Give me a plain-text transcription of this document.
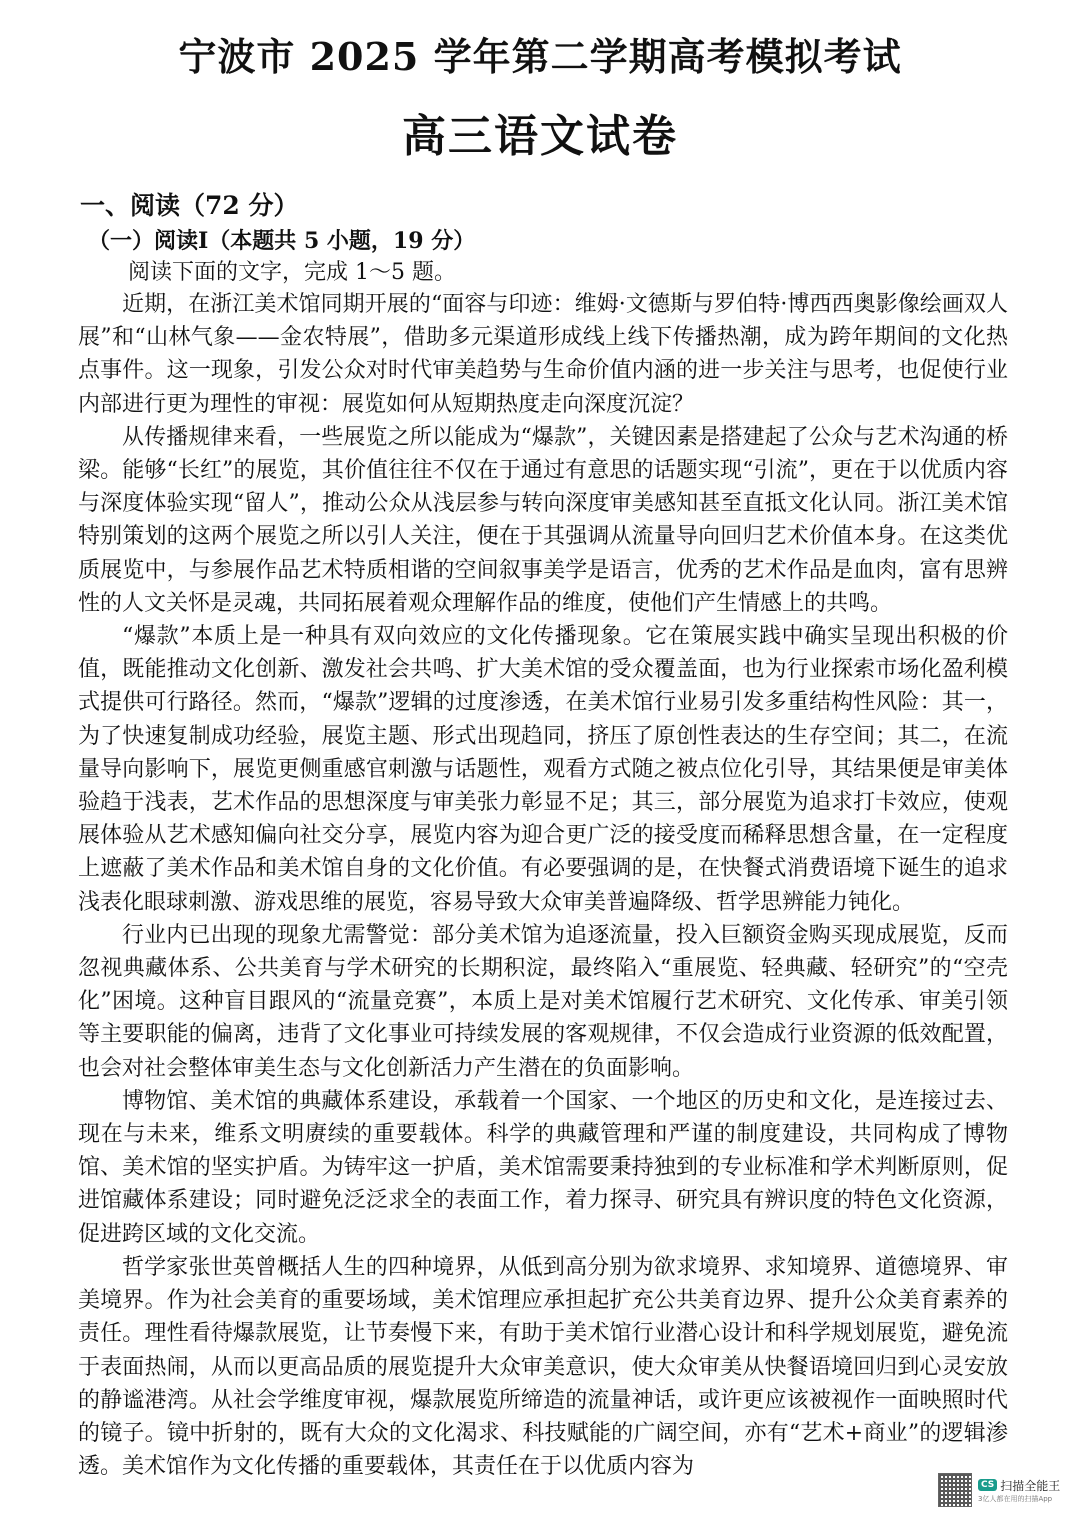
宁波市 2025 学年第二学期高考模拟考试
高三语文试卷
一、阅读（72 分）
（一）阅读Ⅰ（本题共 5 小题，19 分）
阅读下面的文字，完成 1～5 题。

近期，在浙江美术馆同期开展的“面容与印迹：维姆·文德斯与罗伯特·博西西奥影像绘画双人展”和“山林气象——金农特展”，借助多元渠道形成线上线下传播热潮，成为跨年期间的文化热点事件。这一现象，引发公众对时代审美趋势与生命价值内涵的进一步关注与思考，也促使行业内部进行更为理性的审视：展览如何从短期热度走向深度沉淀？

从传播规律来看，一些展览之所以能成为“爆款”，关键因素是搭建起了公众与艺术沟通的桥梁。能够“长红”的展览，其价值往往不仅在于通过有意思的话题实现“引流”，更在于以优质内容与深度体验实现“留人”，推动公众从浅层参与转向深度审美感知甚至直抵文化认同。浙江美术馆特别策划的这两个展览之所以引人关注，便在于其强调从流量导向回归艺术价值本身。在这类优质展览中，与参展作品艺术特质相谐的空间叙事美学是语言，优秀的艺术作品是血肉，富有思辨性的人文关怀是灵魂，共同拓展着观众理解作品的维度，使他们产生情感上的共鸣。

“爆款”本质上是一种具有双向效应的文化传播现象。它在策展实践中确实呈现出积极的价值，既能推动文化创新、激发社会共鸣、扩大美术馆的受众覆盖面，也为行业探索市场化盈利模式提供可行路径。然而，“爆款”逻辑的过度渗透，在美术馆行业易引发多重结构性风险：其一，为了快速复制成功经验，展览主题、形式出现趋同，挤压了原创性表达的生存空间；其二，在流量导向影响下，展览更侧重感官刺激与话题性，观看方式随之被点位化引导，其结果便是审美体验趋于浅表，艺术作品的思想深度与审美张力彰显不足；其三，部分展览为追求打卡效应，使观展体验从艺术感知偏向社交分享，展览内容为迎合更广泛的接受度而稀释思想含量，在一定程度上遮蔽了美术作品和美术馆自身的文化价值。有必要强调的是，在快餐式消费语境下诞生的追求浅表化眼球刺激、游戏思维的展览，容易导致大众审美普遍降级、哲学思辨能力钝化。

行业内已出现的现象尤需警觉：部分美术馆为追逐流量，投入巨额资金购买现成展览，反而忽视典藏体系、公共美育与学术研究的长期积淀，最终陷入“重展览、轻典藏、轻研究”的“空壳化”困境。这种盲目跟风的“流量竞赛”，本质上是对美术馆履行艺术研究、文化传承、审美引领等主要职能的偏离，违背了文化事业可持续发展的客观规律，不仅会造成行业资源的低效配置，也会对社会整体审美生态与文化创新活力产生潜在的负面影响。

博物馆、美术馆的典藏体系建设，承载着一个国家、一个地区的历史和文化，是连接过去、现在与未来，维系文明赓续的重要载体。科学的典藏管理和严谨的制度建设，共同构成了博物馆、美术馆的坚实护盾。为铸牢这一护盾，美术馆需要秉持独到的专业标准和学术判断原则，促进馆藏体系建设；同时避免泛泛求全的表面工作，着力探寻、研究具有辨识度的特色文化资源，促进跨区域的文化交流。

哲学家张世英曾概括人生的四种境界，从低到高分别为欲求境界、求知境界、道德境界、审美境界。作为社会美育的重要场域，美术馆理应承担起扩充公共美育边界、提升公众美育素养的责任。理性看待爆款展览，让节奏慢下来，有助于美术馆行业潜心设计和科学规划展览，避免流于表面热闹，从而以更高品质的展览提升大众审美意识，使大众审美从快餐语境回归到心灵安放的静谧港湾。从社会学维度审视，爆款展览所缔造的流量神话，或许更应该被视作一面映照时代的镜子。镜中折射的，既有大众的文化渴求、科技赋能的广阔空间，亦有“艺术+商业”的逻辑渗透。美术馆作为文化传播的重要载体，其责任在于以优质内容为

CS 扫描全能王
3亿人都在用的扫描App
